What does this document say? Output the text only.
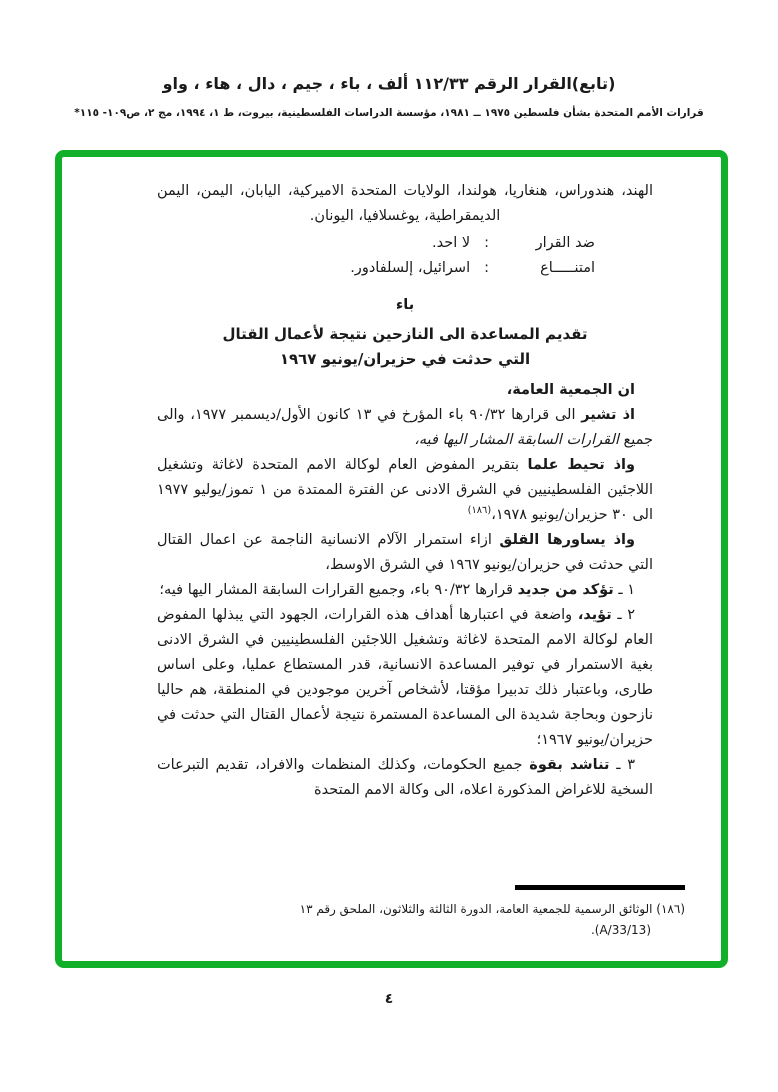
(تابع)القرار الرقم ١١٢/٣٣ ألف ، باء ، جيم ، دال ، هاء ، واو
قرارات الأمم المتحدة بشأن فلسطين ١٩٧٥ ــ ١٩٨١، مؤسسة الدراسات الفلسطينية، بيروت، ط ١، ١٩٩٤، مج ٢، ص١٠٩- ١١٥*

الهند، هندوراس، هنغاريا، هولندا، الولايات المتحدة الاميركية، اليابان، اليمن، اليمن الديمقراطية، يوغسلافيا، اليونان.

ضد القرار
:
لا احد.
امتنـــــاع
:
اسرائيل، إلسلفادور.
باء
تقديم المساعدة الى النازحين نتيجة لأعمال القتال
التي حدثت في حزيران/يونيو ١٩٦٧

ان الجمعية العامة،

اذ تشير الى قرارها ٩٠/٣٢ باء المؤرخ في ١٣ كانون الأول/ديسمبر ١٩٧٧، والى جميع القرارات السابقة المشار اليها فيه،

واذ تحيط علما بتقرير المفوض العام لوكالة الامم المتحدة لاغاثة وتشغيل اللاجئين الفلسطينيين في الشرق الادنى عن الفترة الممتدة من ١ تموز/يوليو ١٩٧٧ الى ٣٠ حزيران/يونيو ١٩٧٨،$^{(١٨٦)}$

واذ يساورها القلق ازاء استمرار الآلام الانسانية الناجمة عن اعمال القتال التي حدثت في حزيران/يونيو ١٩٦٧ في الشرق الاوسط،

١ ـ تؤكد من جديد قرارها ٩٠/٣٢ باء، وجميع القرارات السابقة المشار اليها فيه؛

٢ ـ تؤيد، واضعة في اعتبارها أهداف هذه القرارات، الجهود التي يبذلها المفوض العام لوكالة الامم المتحدة لاغاثة وتشغيل اللاجئين الفلسطينيين في الشرق الادنى بغية الاستمرار في توفير المساعدة الانسانية، قدر المستطاع عمليا، وعلى اساس طارى، وباعتبار ذلك تدبيرا مؤقتا، لأشخاص آخرين موجودين في المنطقة، هم حاليا نازحون وبحاجة شديدة الى المساعدة المستمرة نتيجة لأعمال القتال التي حدثت في حزيران/يونيو ١٩٦٧؛

٣ ـ تناشد بقوة جميع الحكومات، وكذلك المنظمات والافراد، تقديم التبرعات السخية للاغراض المذكورة اعلاه، الى وكالة الامم المتحدة

(١٨٦) الوثائق الرسمية للجمعية العامة، الدورة الثالثة والثلاثون، الملحق رقم ١٣
(A/33/13).
٤
